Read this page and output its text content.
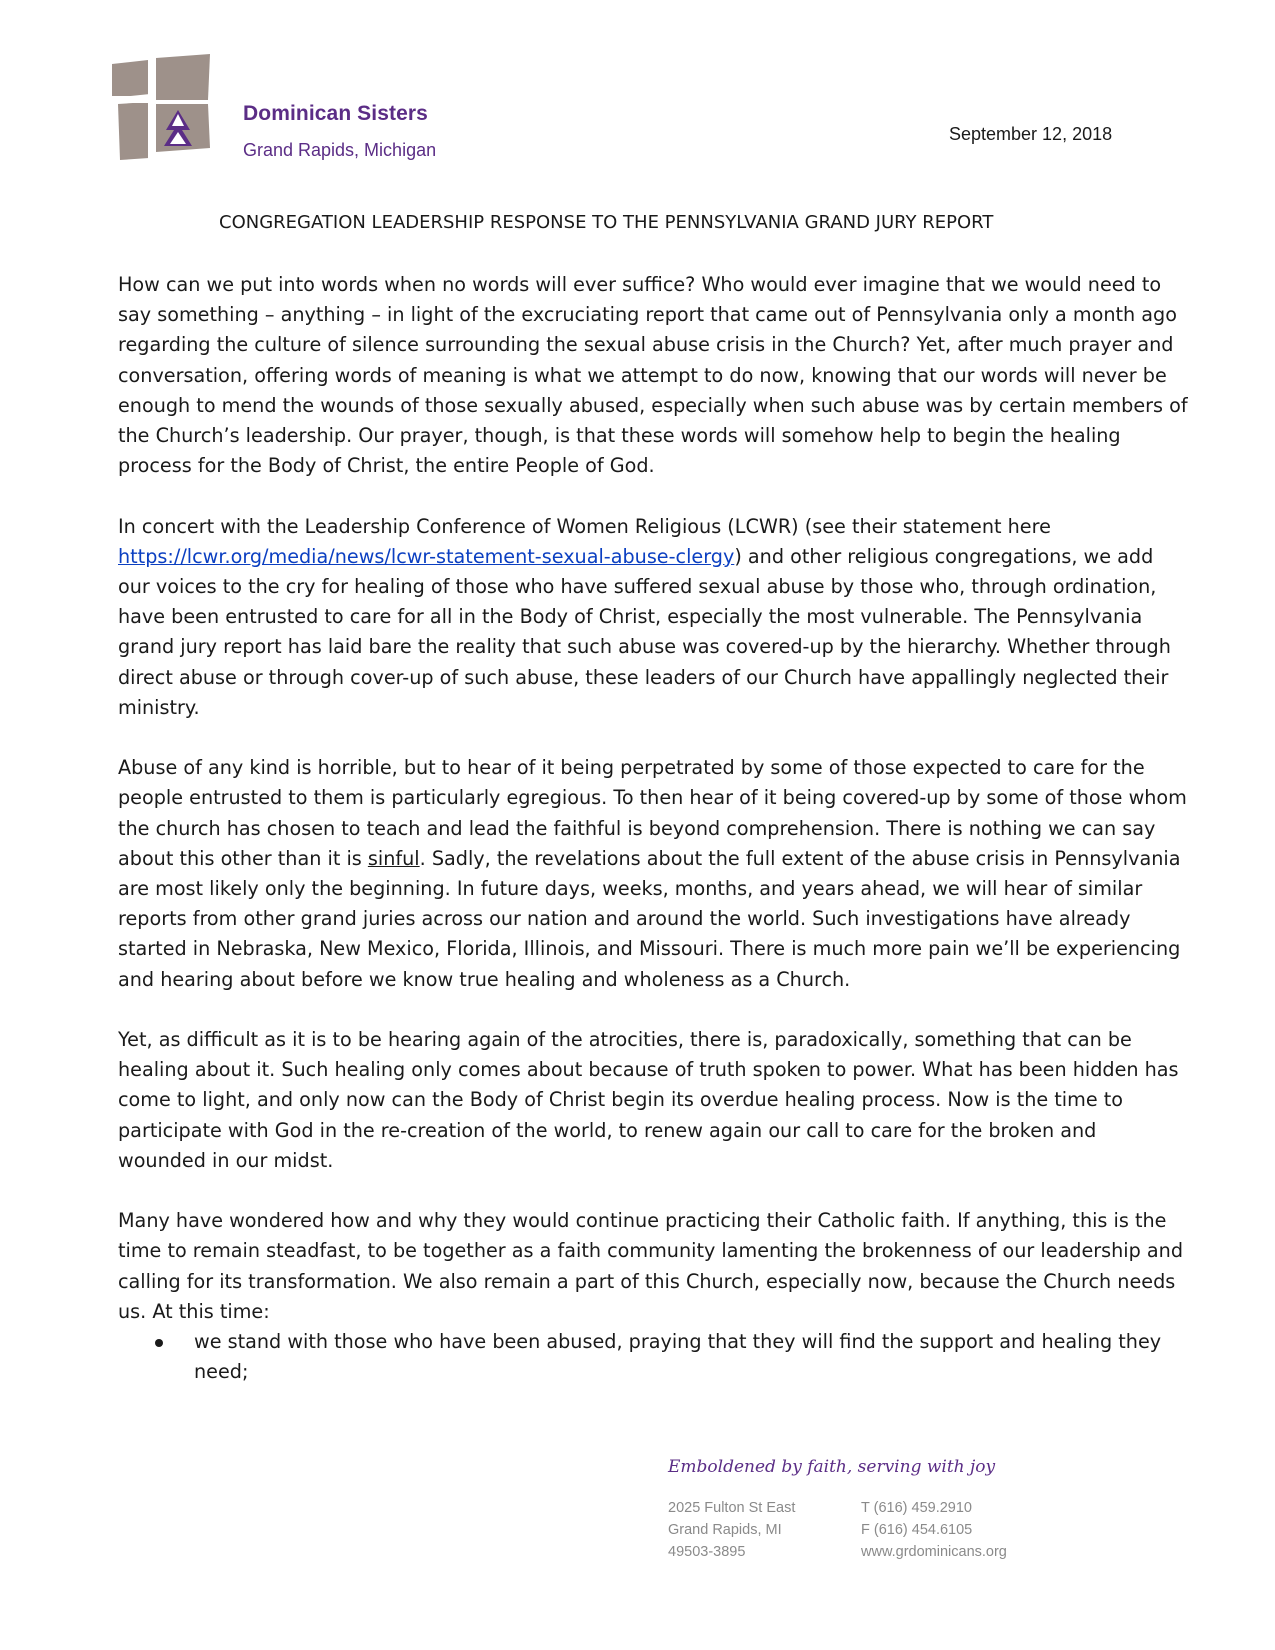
Dominican Sisters
Grand Rapids, Michigan
September 12, 2018
CONGREGATION LEADERSHIP RESPONSE TO THE PENNSYLVANIA GRAND JURY REPORT

How can we put into words when no words will ever suffice? Who would ever imagine that we would need to say something – anything – in light of the excruciating report that came out of Pennsylvania only a month ago regarding the culture of silence surrounding the sexual abuse crisis in the Church? Yet, after much prayer and conversation, offering words of meaning is what we attempt to do now, knowing that our words will never be enough to mend the wounds of those sexually abused, especially when such abuse was by certain members of the Church’s leadership. Our prayer, though, is that these words will somehow help to begin the healing process for the Body of Christ, the entire People of God.

In concert with the Leadership Conference of Women Religious (LCWR) (see their statement here https://lcwr.org/media/news/lcwr-statement-sexual-abuse-clergy) and other religious congregations, we add our voices to the cry for healing of those who have suffered sexual abuse by those who, through ordination, have been entrusted to care for all in the Body of Christ, especially the most vulnerable. The Pennsylvania grand jury report has laid bare the reality that such abuse was covered-up by the hierarchy. Whether through direct abuse or through cover-up of such abuse, these leaders of our Church have appallingly neglected their ministry.

Abuse of any kind is horrible, but to hear of it being perpetrated by some of those expected to care for the people entrusted to them is particularly egregious. To then hear of it being covered-up by some of those whom the church has chosen to teach and lead the faithful is beyond comprehension. There is nothing we can say about this other than it is sinful. Sadly, the revelations about the full extent of the abuse crisis in Pennsylvania are most likely only the beginning. In future days, weeks, months, and years ahead, we will hear of similar reports from other grand juries across our nation and around the world. Such investigations have already started in Nebraska, New Mexico, Florida, Illinois, and Missouri. There is much more pain we’ll be experiencing and hearing about before we know true healing and wholeness as a Church.

Yet, as difficult as it is to be hearing again of the atrocities, there is, paradoxically, something that can be healing about it. Such healing only comes about because of truth spoken to power. What has been hidden has come to light, and only now can the Body of Christ begin its overdue healing process. Now is the time to participate with God in the re-creation of the world, to renew again our call to care for the broken and wounded in our midst.

Many have wondered how and why they would continue practicing their Catholic faith. If anything, this is the time to remain steadfast, to be together as a faith community lamenting the brokenness of our leadership and calling for its transformation. We also remain a part of this Church, especially now, because the Church needs us. At this time:

we stand with those who have been abused, praying that they will find the support and healing they need;
Emboldened by faith, serving with joy
2025 Fulton St East
Grand Rapids, MI
49503-3895
T (616) 459.2910
F (616) 454.6105
www.grdominicans.org
